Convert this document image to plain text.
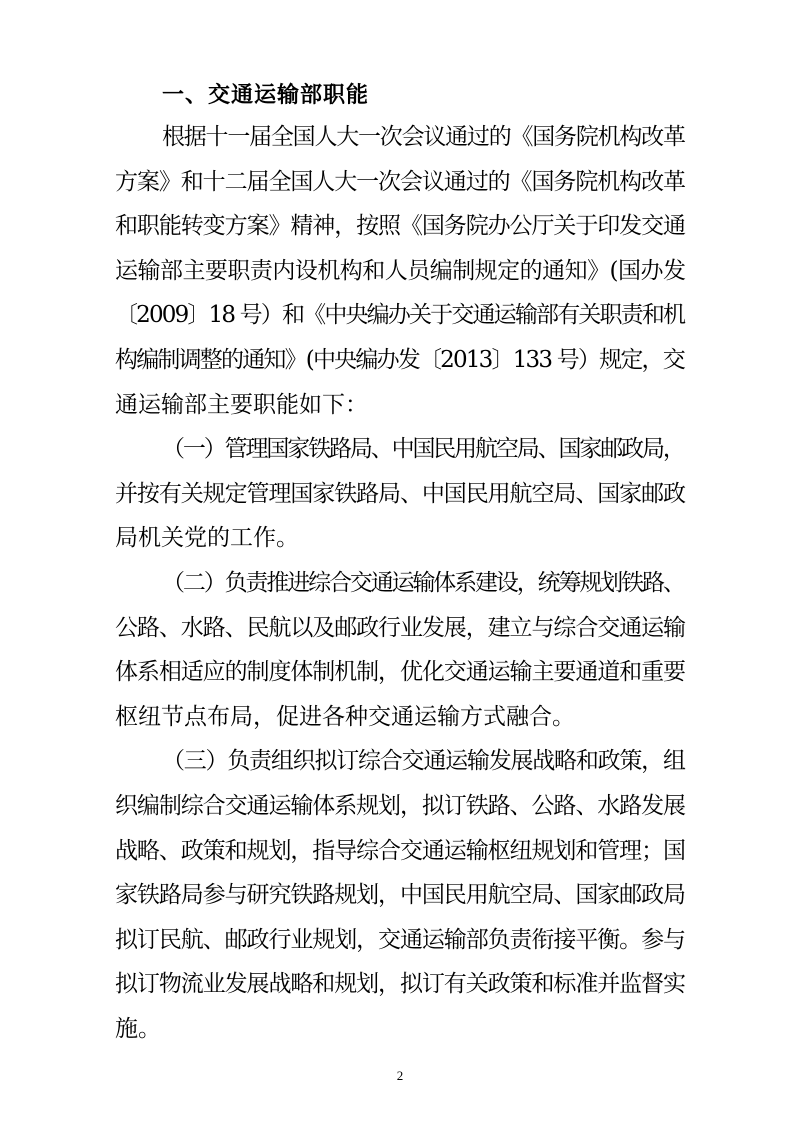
一、交通运输部职能
根据十一届全国人大一次会议通过的《国务院机构改革
方案》和十二届全国人大一次会议通过的《国务院机构改革
和职能转变方案》精神，按照《国务院办公厅关于印发交通
运输部主要职责内设机构和人员编制规定的通知》(国办发
〔2009〕18 号）和《中央编办关于交通运输部有关职责和机
构编制调整的通知》(中央编办发〔2013〕133 号）规定，交
通运输部主要职能如下：
（一）管理国家铁路局、中国民用航空局、国家邮政局，
并按有关规定管理国家铁路局、中国民用航空局、国家邮政
局机关党的工作。
（二）负责推进综合交通运输体系建设，统筹规划铁路、
公路、水路、民航以及邮政行业发展，建立与综合交通运输
体系相适应的制度体制机制，优化交通运输主要通道和重要
枢纽节点布局，促进各种交通运输方式融合。
（三）负责组织拟订综合交通运输发展战略和政策，组
织编制综合交通运输体系规划，拟订铁路、公路、水路发展
战略、政策和规划，指导综合交通运输枢纽规划和管理；国
家铁路局参与研究铁路规划，中国民用航空局、国家邮政局
拟订民航、邮政行业规划，交通运输部负责衔接平衡。参与
拟订物流业发展战略和规划，拟订有关政策和标准并监督实
施。
2
